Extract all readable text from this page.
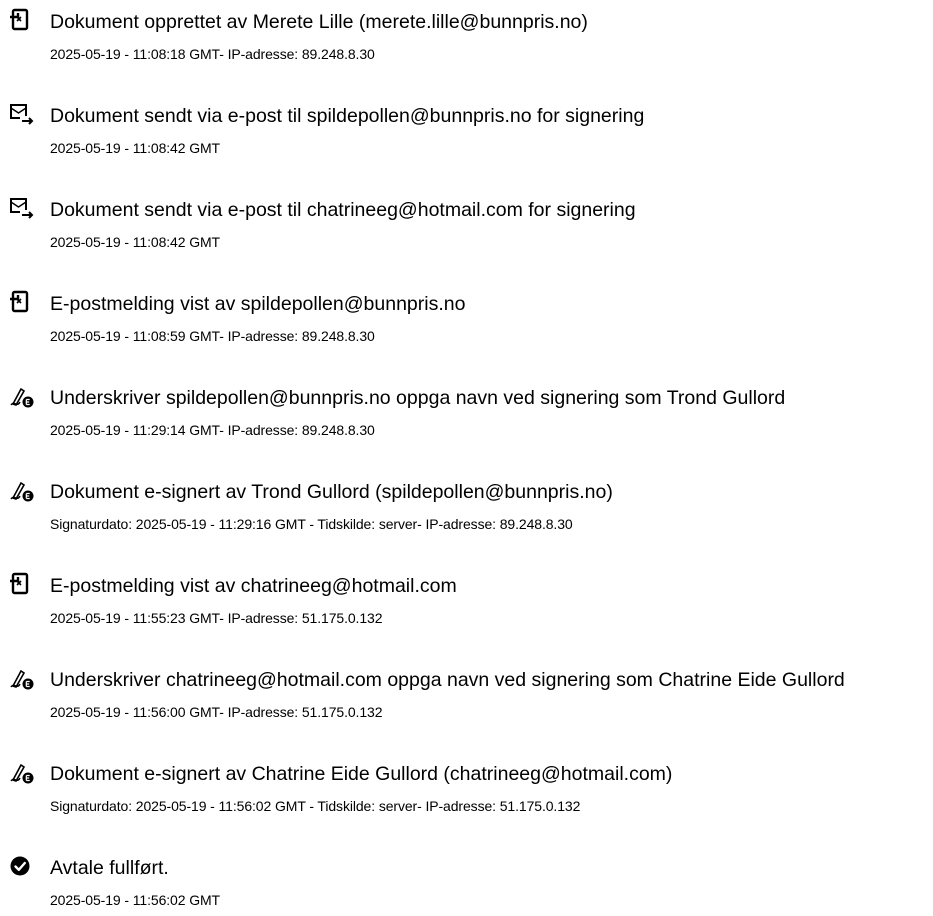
Dokument opprettet av Merete Lille (merete.lille@bunnpris.no)
2025-05-19 - 11:08:18 GMT- IP-adresse: 89.248.8.30
Dokument sendt via e-post til spildepollen@bunnpris.no for signering
2025-05-19 - 11:08:42 GMT
Dokument sendt via e-post til chatrineeg@hotmail.com for signering
2025-05-19 - 11:08:42 GMT
E-postmelding vist av spildepollen@bunnpris.no
2025-05-19 - 11:08:59 GMT- IP-adresse: 89.248.8.30
Underskriver spildepollen@bunnpris.no oppga navn ved signering som Trond Gullord
2025-05-19 - 11:29:14 GMT- IP-adresse: 89.248.8.30
Dokument e-signert av Trond Gullord (spildepollen@bunnpris.no)
Signaturdato: 2025-05-19 - 11:29:16 GMT - Tidskilde: server- IP-adresse: 89.248.8.30
E-postmelding vist av chatrineeg@hotmail.com
2025-05-19 - 11:55:23 GMT- IP-adresse: 51.175.0.132
Underskriver chatrineeg@hotmail.com oppga navn ved signering som Chatrine Eide Gullord
2025-05-19 - 11:56:00 GMT- IP-adresse: 51.175.0.132
Dokument e-signert av Chatrine Eide Gullord (chatrineeg@hotmail.com)
Signaturdato: 2025-05-19 - 11:56:02 GMT - Tidskilde: server- IP-adresse: 51.175.0.132
Avtale fullført.
2025-05-19 - 11:56:02 GMT
